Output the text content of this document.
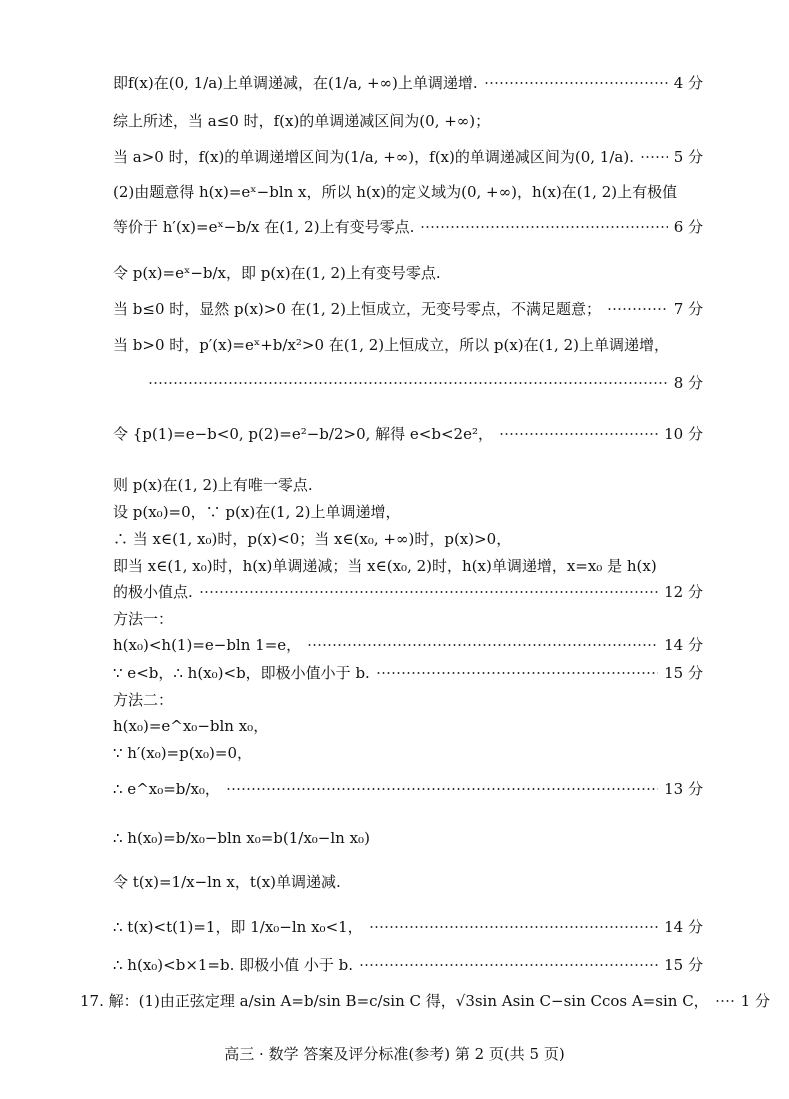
即f(x)在(0, 1/a)上单调递减，在(1/a, +∞)上单调递增.	4 分
综上所述，当 a≤0 时，f(x)的单调递减区间为(0, +∞)；
当 a>0 时，f(x)的单调递增区间为(1/a, +∞)，f(x)的单调递减区间为(0, 1/a).	5 分
(2)由题意得 h(x)=eˣ−bln x，所以 h(x)的定义域为(0, +∞)，h(x)在(1, 2)上有极值
等价于 h′(x)=eˣ−b/x 在(1, 2)上有变号零点.	6 分
令 p(x)=eˣ−b/x，即 p(x)在(1, 2)上有变号零点.
当 b≤0 时，显然 p(x)>0 在(1, 2)上恒成立，无变号零点，不满足题意；	7 分
当 b>0 时，p′(x)=eˣ+b/x²>0 在(1, 2)上恒成立，所以 p(x)在(1, 2)上单调递增，
8 分
令 {p(1)=e−b<0, p(2)=e²−b/2>0, 解得 e<b<2e²，	10 分
则 p(x)在(1, 2)上有唯一零点.
设 p(x₀)=0，∵ p(x)在(1, 2)上单调递增，
∴ 当 x∈(1, x₀)时，p(x)<0；当 x∈(x₀, +∞)时，p(x)>0，
即当 x∈(1, x₀)时，h(x)单调递减；当 x∈(x₀, 2)时，h(x)单调递增，x=x₀ 是 h(x)
的极小值点.	12 分
方法一：
h(x₀)<h(1)=e−bln 1=e，	14 分
∵ e<b，∴ h(x₀)<b，即极小值小于 b.	15 分
方法二：
h(x₀)=e^x₀−bln x₀，
∵ h′(x₀)=p(x₀)=0，
∴ e^x₀=b/x₀，	13 分
∴ h(x₀)=b/x₀−bln x₀=b(1/x₀−ln x₀)
令 t(x)=1/x−ln x，t(x)单调递减.
∴ t(x)<t(1)=1，即 1/x₀−ln x₀<1，	14 分
∴ h(x₀)<b×1=b. 即极小值 小于 b.	15 分
17. 解：(1)由正弦定理 a/sin A=b/sin B=c/sin C 得，√3sin Asin C−sin Ccos A=sin C， 1 分
高三 · 数学 答案及评分标准(参考) 第 2 页(共 5 页)
